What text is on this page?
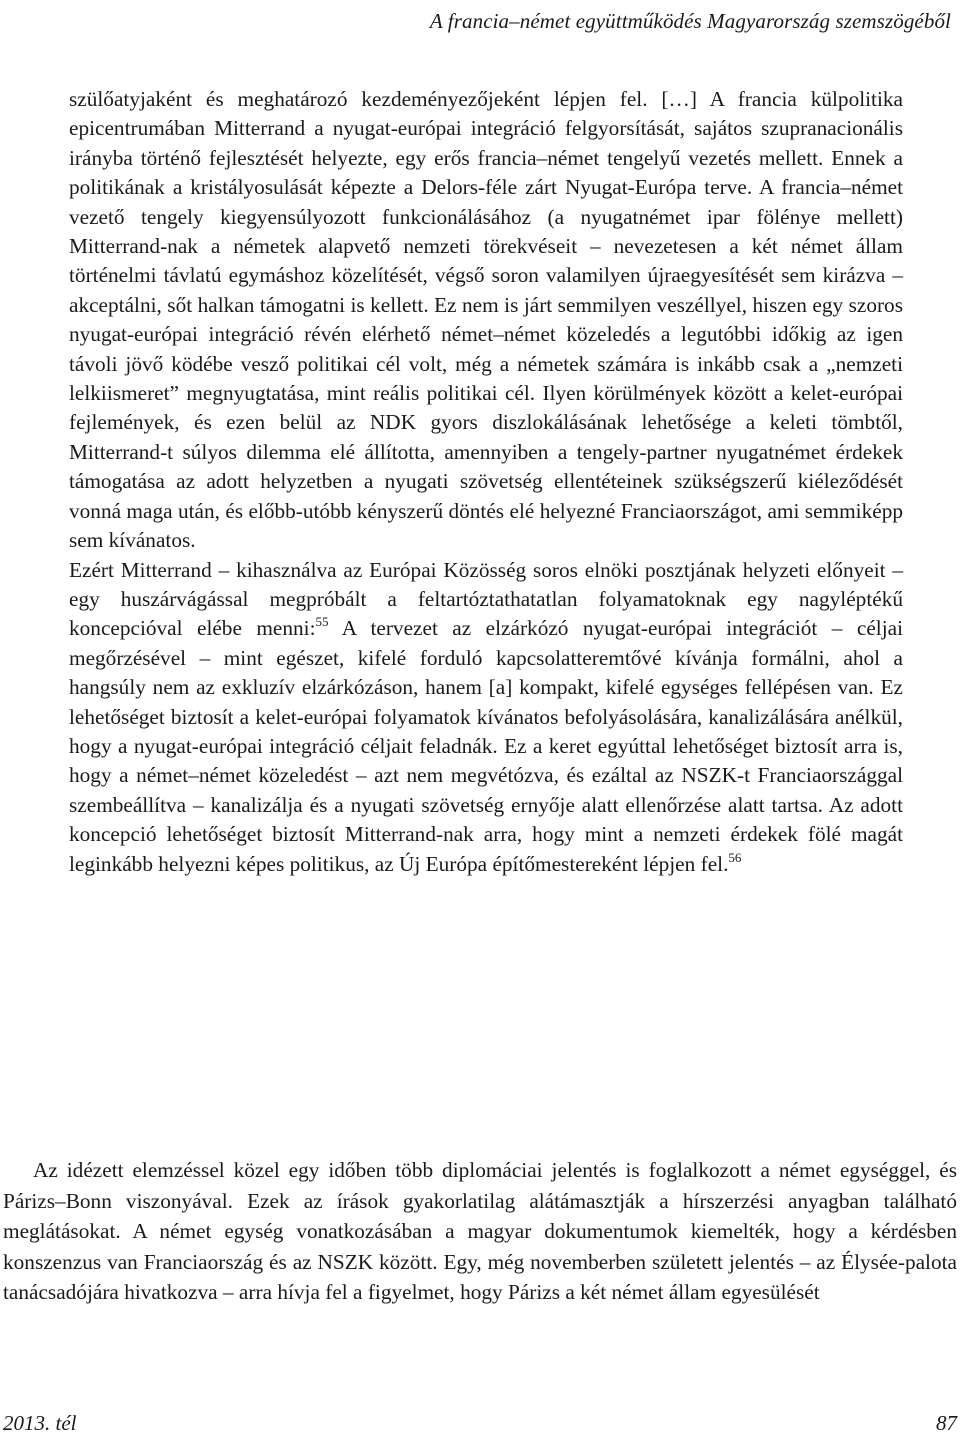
A francia–német együttműködés Magyarország szemszögéből

szülőatyjaként és meghatározó kezdeményezőjeként lépjen fel. […] A francia külpolitika epicentrumában Mitterrand a nyugat-európai integráció felgyorsítását, sajátos szupranacionális irányba történő fejlesztését helyezte, egy erős francia–német tengelyű vezetés mellett. Ennek a politikának a kristályosulását képezte a Delors-féle zárt Nyugat-Európa terve. A francia–német vezető tengely kiegyensúlyozott funkcionálásához (a nyugatnémet ipar fölénye mellett) Mitterrand-nak a németek alapvető nemzeti törekvéseit – nevezetesen a két német állam történelmi távlatú egymáshoz közelítését, végső soron valamilyen újraegyesítését sem kirázva – akceptálni, sőt halkan támogatni is kellett. Ez nem is járt semmilyen veszéllyel, hiszen egy szoros nyugat-európai integráció révén elérhető német–német közeledés a legutóbbi időkig az igen távoli jövő ködébe vesző politikai cél volt, még a németek számára is inkább csak a „nemzeti lelkiismeret” megnyugtatása, mint reális politikai cél. Ilyen körülmények között a kelet-európai fejlemények, és ezen belül az NDK gyors diszlokálásának lehetősége a keleti tömbtől, Mitterrand-t súlyos dilemma elé állította, amennyiben a tengely-partner nyugatnémet érdekek támogatása az adott helyzetben a nyugati szövetség ellentéteinek szükségszerű kiéleződését vonná maga után, és előbb-utóbb kényszerű döntés elé helyezné Franciaországot, ami semmiképp sem kívánatos.

Ezért Mitterrand – kihasználva az Európai Közösség soros elnöki posztjának helyzeti előnyeit – egy huszárvágással megpróbált a feltartóztathatatlan folyamatoknak egy nagyléptékű koncepcióval elébe menni:$^{55}$ A tervezet az elzárkózó nyugat-európai integrációt – céljai megőrzésével – mint egészet, kifelé forduló kapcsolatteremtővé kívánja formálni, ahol a hangsúly nem az exkluzív elzárkózáson, hanem [a] kompakt, kifelé egységes fellépésen van. Ez lehetőséget biztosít a kelet-európai folyamatok kívánatos befolyásolására, kanalizálására anélkül, hogy a nyugat-európai integráció céljait feladnák. Ez a keret egyúttal lehetőséget biztosít arra is, hogy a német–német közeledést – azt nem megvétózva, és ezáltal az NSZK-t Franciaországgal szembeállítva – kanalizálja és a nyugati szövetség ernyője alatt ellenőrzése alatt tartsa. Az adott koncepció lehetőséget biztosít Mitterrand-nak arra, hogy mint a nemzeti érdekek fölé magát leginkább helyezni képes politikus, az Új Európa építőmestereként lépjen fel.$^{56}$

Az idézett elemzéssel közel egy időben több diplomáciai jelentés is foglalkozott a német egységgel, és Párizs–Bonn viszonyával. Ezek az írások gyakorlatilag alátámasztják a hírszerzési anyagban található meglátásokat. A német egység vonatkozásában a magyar dokumentumok kiemelték, hogy a kérdésben konszenzus van Franciaország és az NSZK között. Egy, még novemberben született jelentés – az Élysée-palota tanácsadójára hivatkozva – arra hívja fel a figyelmet, hogy Párizs a két német állam egyesülését

2013. tél	87
